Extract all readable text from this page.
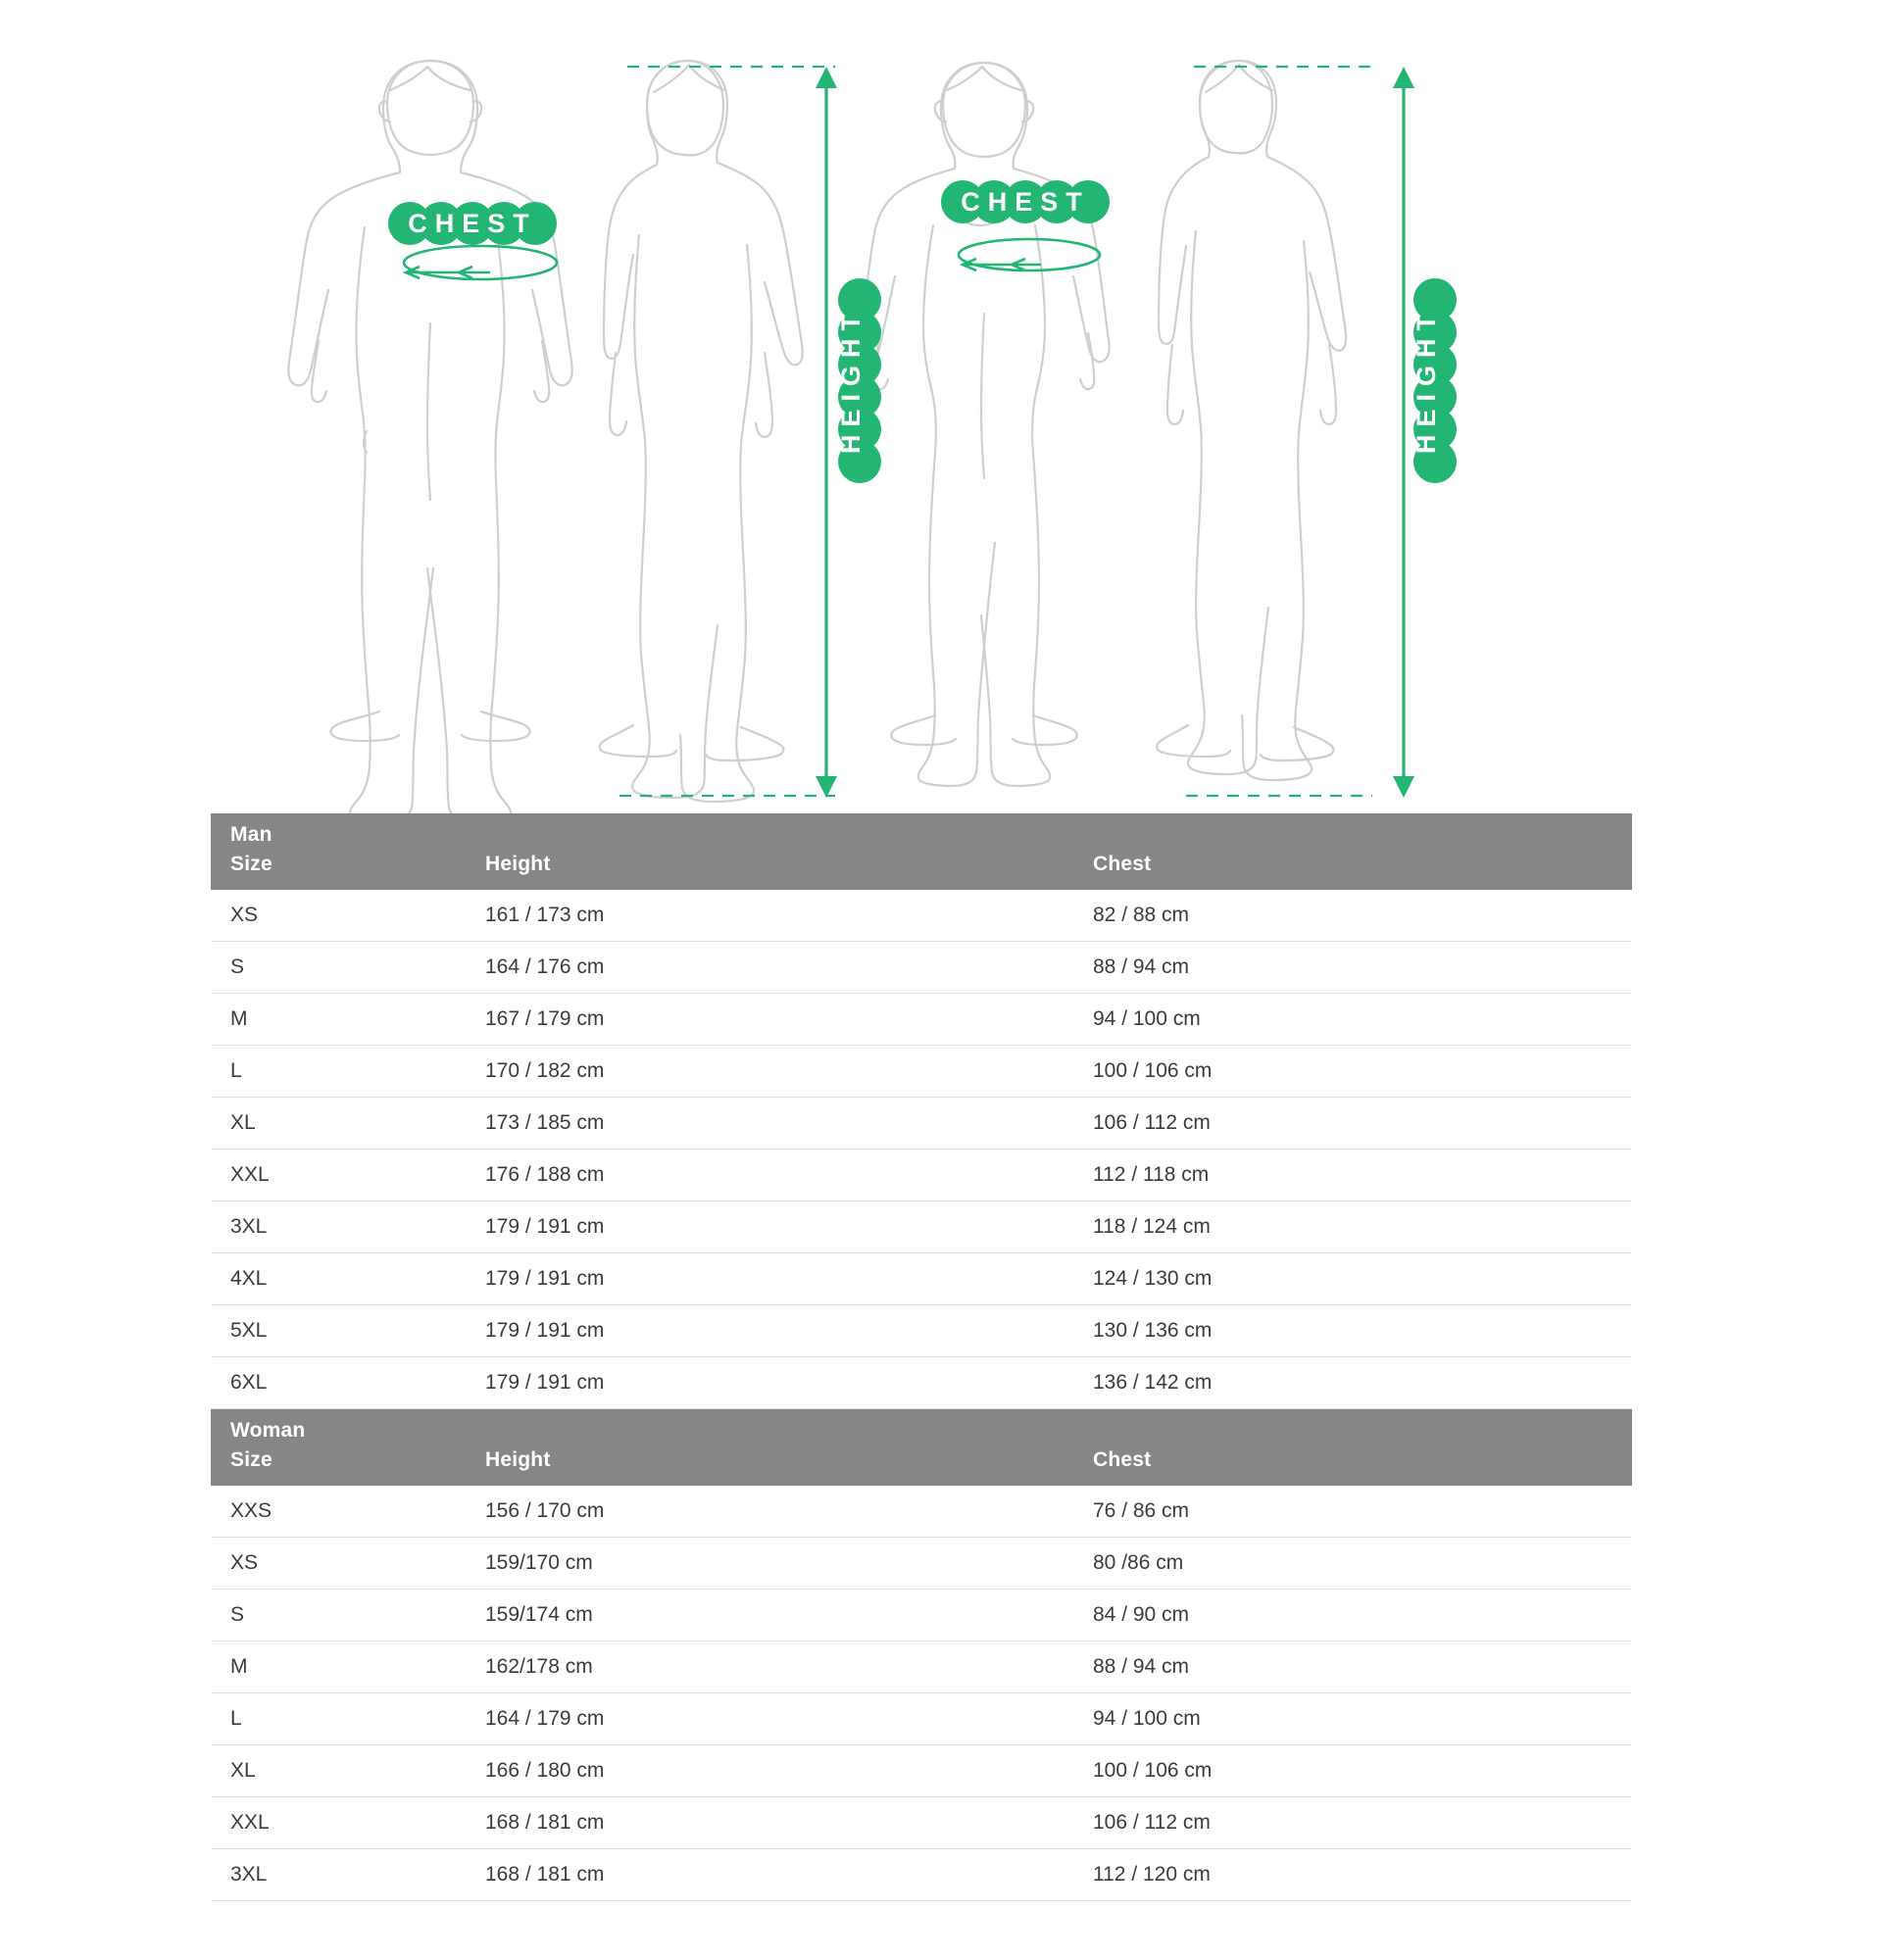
CHEST
CHEST
HEIGHT	HEIGHT
Man		
Size	Height	Chest
XS	161 / 173 cm	82 / 88 cm
S	164 / 176 cm	88 / 94 cm
M	167 / 179 cm	94 / 100 cm
L	170 / 182 cm	100 / 106 cm
XL	173 / 185 cm	106 / 112 cm
XXL	176 / 188 cm	112 / 118 cm
3XL	179 / 191 cm	118 / 124 cm
4XL	179 / 191 cm	124 / 130 cm
5XL	179 / 191 cm	130 / 136 cm
6XL	179 / 191 cm	136 / 142 cm
Woman		
Size	Height	Chest
XXS	156 / 170 cm	76 / 86 cm
XS	159/170 cm	80 /86 cm
S	159/174 cm	84 / 90 cm
M	162/178 cm	88 / 94 cm
L	164 / 179 cm	94 / 100 cm
XL	166 / 180 cm	100 / 106 cm
XXL	168 / 181 cm	106 / 112 cm
3XL	168 / 181 cm	112 / 120 cm
